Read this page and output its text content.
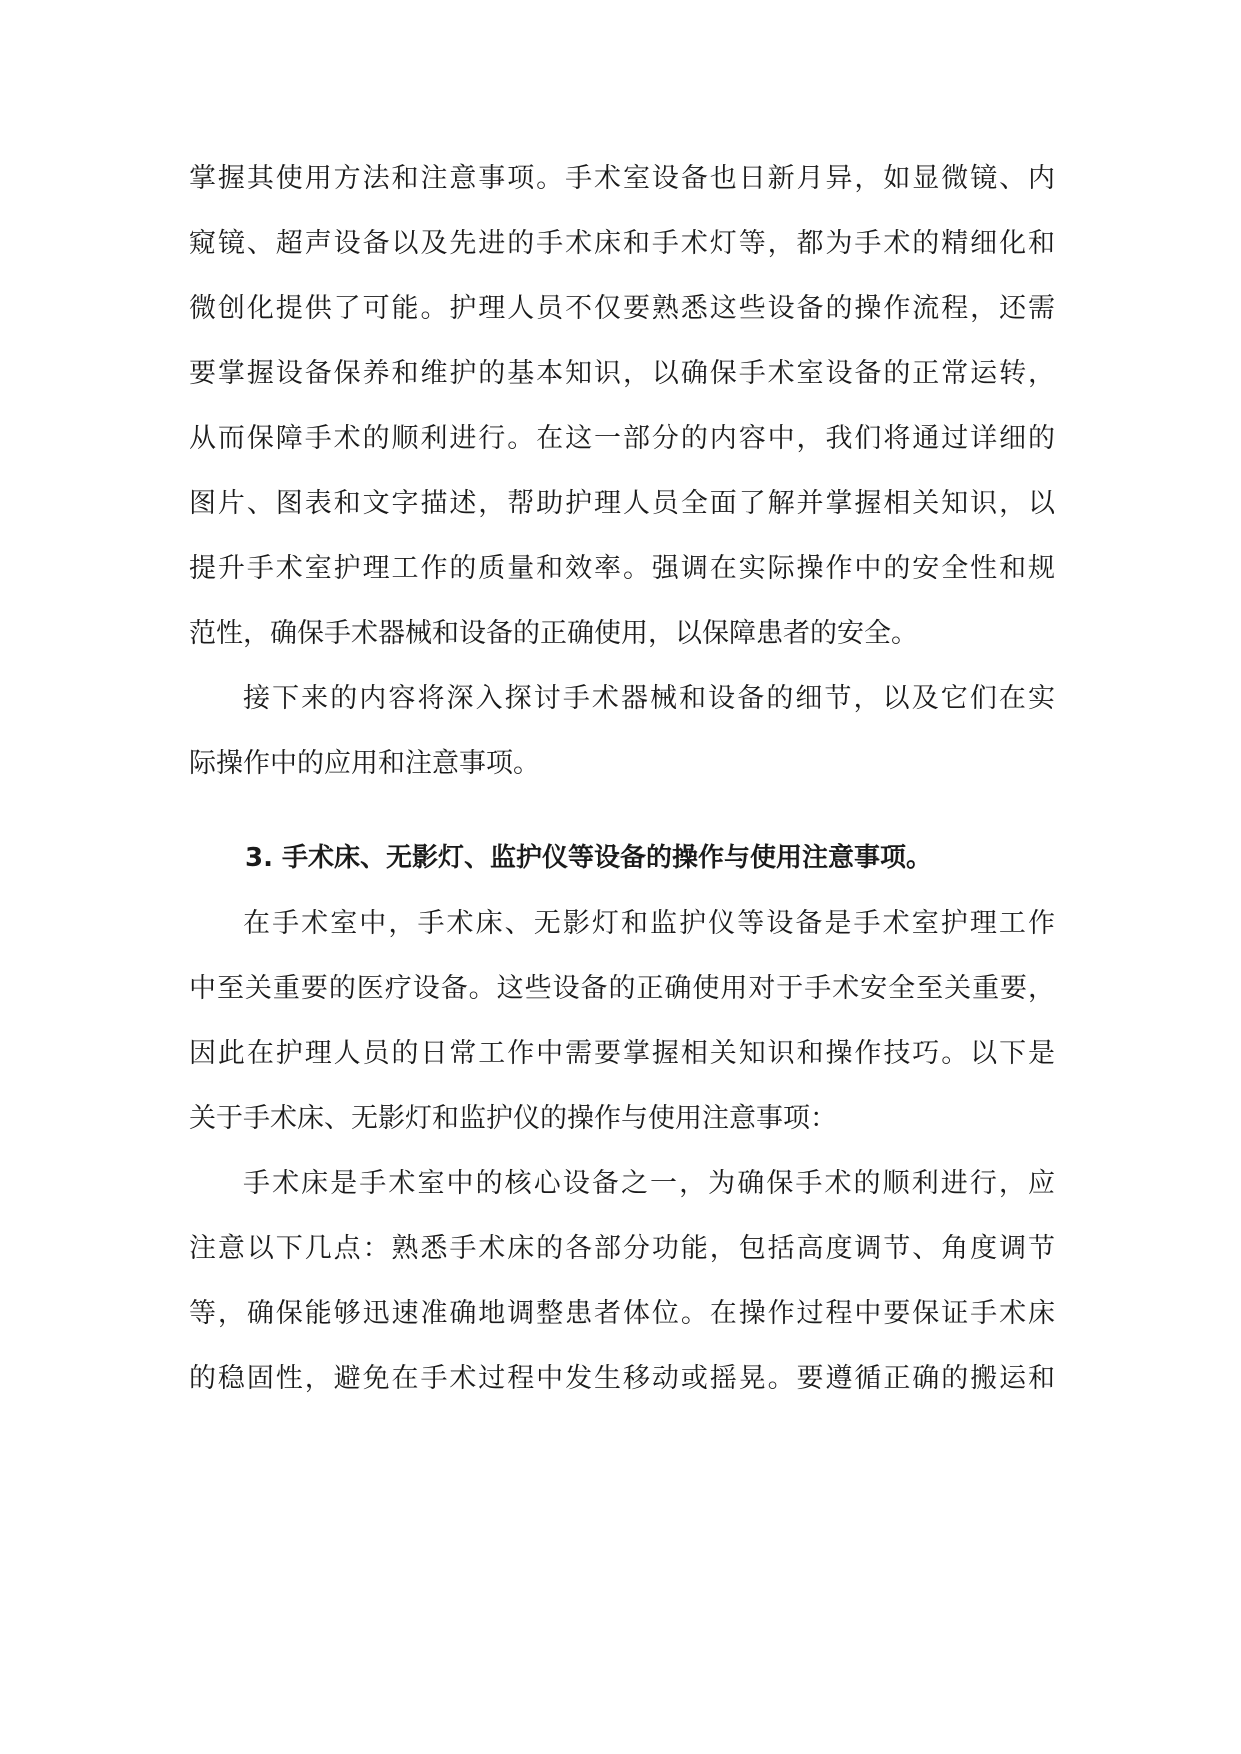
掌握其使用方法和注意事项。手术室设备也日新月异，如显微镜、内
窥镜、超声设备以及先进的手术床和手术灯等，都为手术的精细化和
微创化提供了可能。护理人员不仅要熟悉这些设备的操作流程，还需
要掌握设备保养和维护的基本知识，以确保手术室设备的正常运转，
从而保障手术的顺利进行。在这一部分的内容中，我们将通过详细的
图片、图表和文字描述，帮助护理人员全面了解并掌握相关知识，以
提升手术室护理工作的质量和效率。强调在实际操作中的安全性和规
范性，确保手术器械和设备的正确使用，以保障患者的安全。
接下来的内容将深入探讨手术器械和设备的细节，以及它们在实
际操作中的应用和注意事项。
3. 手术床、无影灯、监护仪等设备的操作与使用注意事项。
在手术室中，手术床、无影灯和监护仪等设备是手术室护理工作
中至关重要的医疗设备。这些设备的正确使用对于手术安全至关重要，
因此在护理人员的日常工作中需要掌握相关知识和操作技巧。以下是
关于手术床、无影灯和监护仪的操作与使用注意事项：
手术床是手术室中的核心设备之一，为确保手术的顺利进行，应
注意以下几点：熟悉手术床的各部分功能，包括高度调节、角度调节
等，确保能够迅速准确地调整患者体位。在操作过程中要保证手术床
的稳固性，避免在手术过程中发生移动或摇晃。要遵循正确的搬运和
